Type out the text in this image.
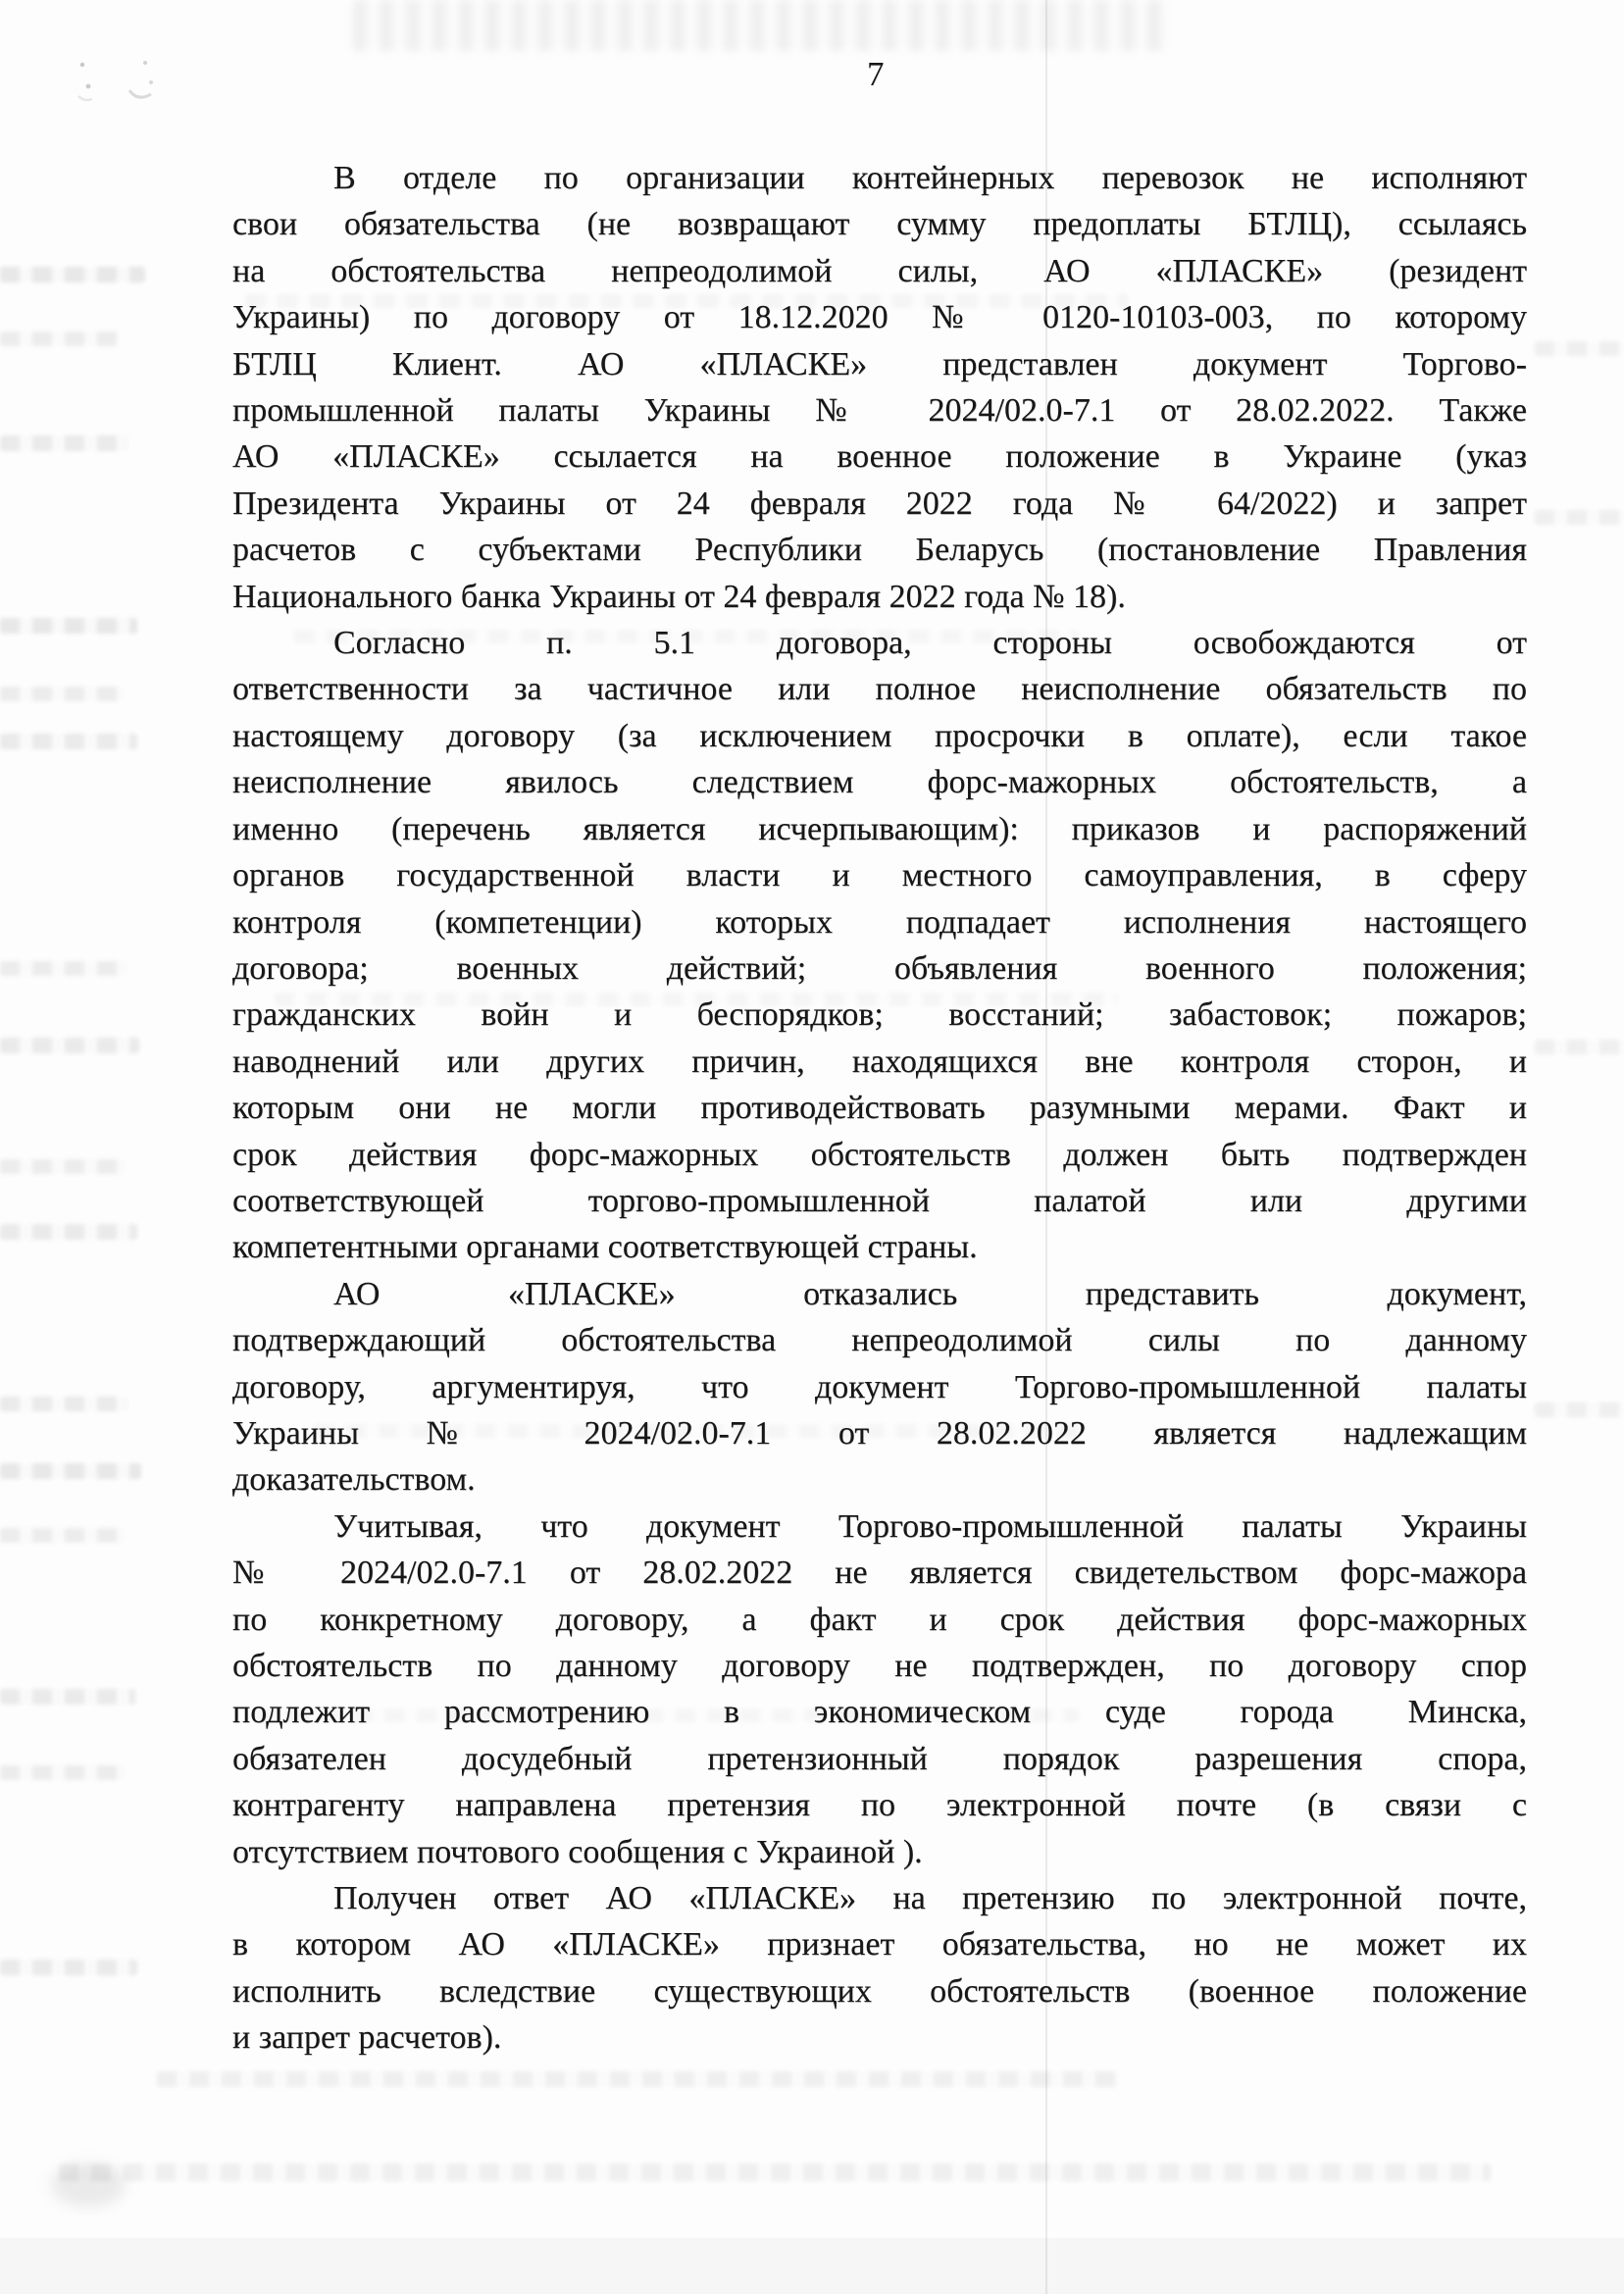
7
В отделе по организации контейнерных перевозок не исполняют
свои обязательства (не возвращают сумму предоплаты БТЛЦ), ссылаясь
на обстоятельства непреодолимой силы, АО «ПЛАСКЕ» (резидент
Украины) по договору от 18.12.2020 № 0120-10103-003, по которому
БТЛЦ Клиент. АО «ПЛАСКЕ» представлен документ Торгово-
промышленной палаты Украины № 2024/02.0-7.1 от 28.02.2022. Также
АО «ПЛАСКЕ» ссылается на военное положение в Украине (указ
Президента Украины от 24 февраля 2022 года № 64/2022) и запрет
расчетов с субъектами Республики Беларусь (постановление Правления
Национального банка Украины от 24 февраля 2022 года № 18).
Согласно п. 5.1 договора, стороны освобождаются от
ответственности за частичное или полное неисполнение обязательств по
настоящему договору (за исключением просрочки в оплате), если такое
неисполнение явилось следствием форс-мажорных обстоятельств, а
именно (перечень является исчерпывающим): приказов и распоряжений
органов государственной власти и местного самоуправления, в сферу
контроля (компетенции) которых подпадает исполнения настоящего
договора; военных действий; объявления военного положения;
гражданских войн и беспорядков; восстаний; забастовок; пожаров;
наводнений или других причин, находящихся вне контроля сторон, и
которым они не могли противодействовать разумными мерами. Факт и
срок действия форс-мажорных обстоятельств должен быть подтвержден
соответствующей торгово-промышленной палатой или другими
компетентными органами соответствующей страны.
АО «ПЛАСКЕ» отказались представить документ,
подтверждающий обстоятельства непреодолимой силы по данному
договору, аргументируя, что документ Торгово-промышленной палаты
Украины № 2024/02.0-7.1 от 28.02.2022 является надлежащим
доказательством.
Учитывая, что документ Торгово-промышленной палаты Украины
№ 2024/02.0-7.1 от 28.02.2022 не является свидетельством форс-мажора
по конкретному договору, а факт и срок действия форс-мажорных
обстоятельств по данному договору не подтвержден, по договору спор
подлежит рассмотрению в экономическом суде города Минска,
обязателен досудебный претензионный порядок разрешения спора,
контрагенту направлена претензия по электронной почте (в связи с
отсутствием почтового сообщения с Украиной ).
Получен ответ АО «ПЛАСКЕ» на претензию по электронной почте,
в котором АО «ПЛАСКЕ» признает обязательства, но не может их
исполнить вследствие существующих обстоятельств (военное положение
и запрет расчетов).
